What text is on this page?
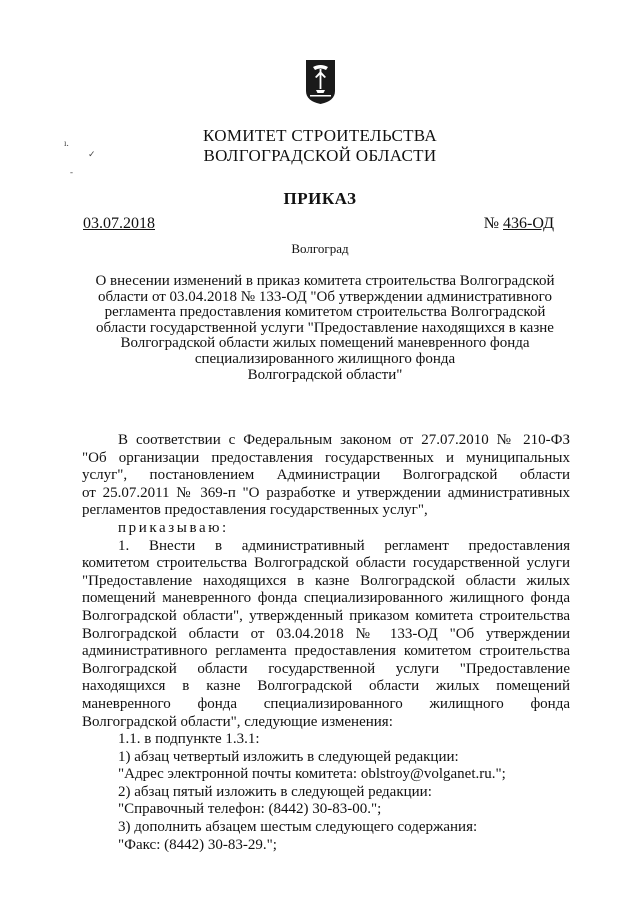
ı.
✓
-
КОМИТЕТ СТРОИТЕЛЬСТВА
ВОЛГОГРАДСКОЙ ОБЛАСТИ
ПРИКАЗ
03.07.2018	№ 436-ОД
Волгоград
О внесении изменений в приказ комитета строительства Волгоградской
области от 03.04.2018 № 133-ОД "Об утверждении административного
регламента предоставления комитетом строительства Волгоградской
области государственной услуги "Предоставление находящихся в казне
Волгоградской области жилых помещений маневренного фонда
специализированного жилищного фонда
Волгоградской области"
В соответствии с Федеральным законом от 27.07.2010 № 210-ФЗ
"Об организации предоставления государственных и муниципальных
услуг", постановлением Администрации Волгоградской области
от 25.07.2011 № 369-п "О разработке и утверждении административных
регламентов предоставления государственных услуг",
приказываю:
1. Внести в административный регламент предоставления
комитетом строительства Волгоградской области государственной услуги
"Предоставление находящихся в казне Волгоградской области жилых
помещений маневренного фонда специализированного жилищного фонда
Волгоградской области", утвержденный приказом комитета строительства
Волгоградской области от 03.04.2018 № 133-ОД "Об утверждении
административного регламента предоставления комитетом строительства
Волгоградской области государственной услуги "Предоставление
находящихся в казне Волгоградской области жилых помещений
маневренного фонда специализированного жилищного фонда
Волгоградской области", следующие изменения:
1.1. в подпункте 1.3.1:
1) абзац четвертый изложить в следующей редакции:
"Адрес электронной почты комитета: oblstroy@volganet.ru.";
2) абзац пятый изложить в следующей редакции:
"Справочный телефон: (8442) 30-83-00.";
3) дополнить абзацем шестым следующего содержания:
"Факс: (8442) 30-83-29.";
